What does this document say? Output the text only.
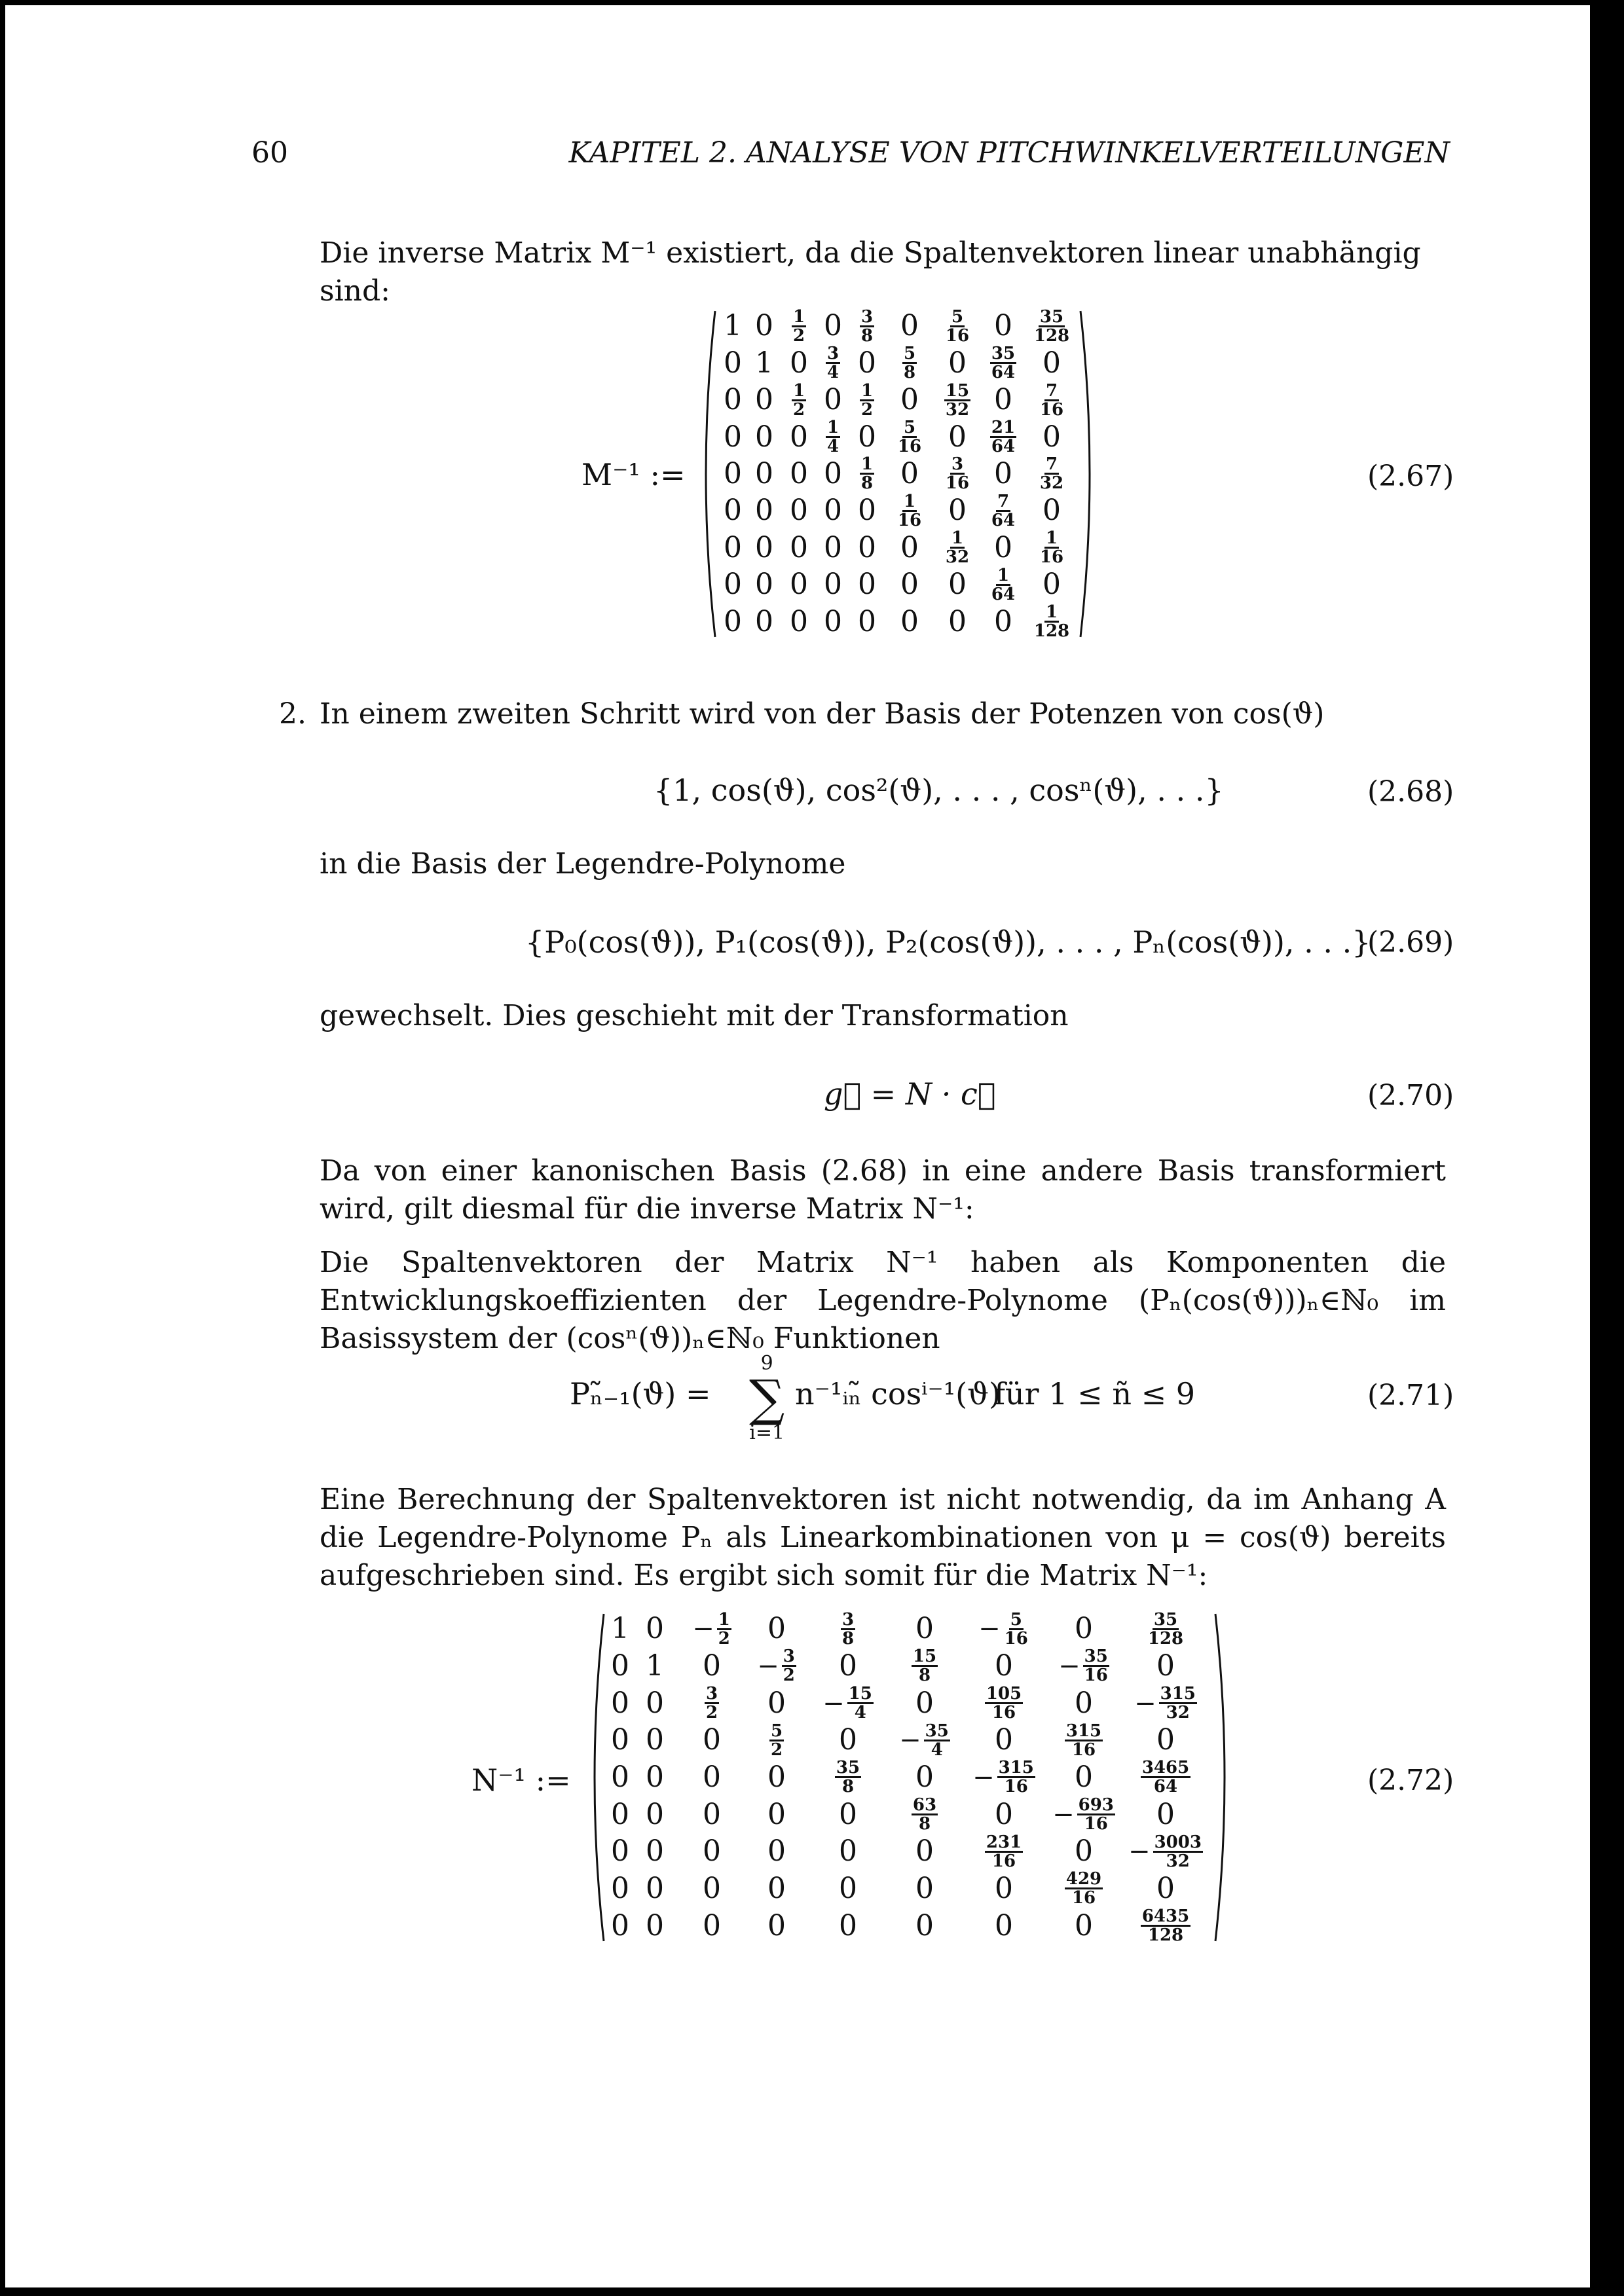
60	KAPITEL 2. ANALYSE VON PITCHWINKELVERTEILUNGEN
Die inverse Matrix M⁻¹ existiert, da die Spaltenvektoren linear unabhängig sind:
M⁻¹ :=
1	0	$\frac{1}{2}$	0	$\frac{3}{8}$	0	$\frac{5}{16}$	0	$\frac{35}{128}$

0	1	0	$\frac{3}{4}$	0	$\frac{5}{8}$	0	$\frac{35}{64}$	0
0	0	$\frac{1}{2}$	0	$\frac{1}{2}$	0	$\frac{15}{32}$	0	$\frac{7}{16}$

0	0	0	$\frac{1}{4}$	0	$\frac{5}{16}$	0	$\frac{21}{64}$	0
0	0	0	0	$\frac{1}{8}$	0	$\frac{3}{16}$	0	$\frac{7}{32}$

0	0	0	0	0	$\frac{1}{16}$	0	$\frac{7}{64}$	0
0	0	0	0	0	0	$\frac{1}{32}$	0	$\frac{1}{16}$

0	0	0	0	0	0	0	$\frac{1}{64}$	0
0	0	0	0	0	0	0	0	$\frac{1}{128}$
(2.67)
2. In einem zweiten Schritt wird von der Basis der Potenzen von cos(ϑ)
{1, cos(ϑ), cos²(ϑ), . . . , cosⁿ(ϑ), . . .}	(2.68)
in die Basis der Legendre-Polynome
{P₀(cos(ϑ)), P₁(cos(ϑ)), P₂(cos(ϑ)), . . . , Pₙ(cos(ϑ)), . . .}
(2.69)
gewechselt. Dies geschieht mit der Transformation
g⃗ = N · c⃗	(2.70)
Da von einer kanonischen Basis (2.68) in eine andere Basis transformiert wird, gilt diesmal für die inverse Matrix N⁻¹:
Die Spaltenvektoren der Matrix N⁻¹ haben als Komponenten die Entwicklungskoeffizienten der Legendre-Polynome (Pₙ(cos(ϑ)))ₙ∈ℕ₀ im Basissystem der (cosⁿ(ϑ))ₙ∈ℕ₀ Funktionen
Pₙ̃₋₁(ϑ) =
9
∑
i=1
n⁻¹ᵢₙ̃ cosⁱ⁻¹(ϑ)
für 1 ≤ ñ ≤ 9	(2.71)
Eine Berechnung der Spaltenvektoren ist nicht notwendig, da im Anhang A die Legendre-Polynome Pₙ als Linearkombinationen von μ = cos(ϑ) bereits aufgeschrieben sind. Es ergibt sich somit für die Matrix N⁻¹:
N⁻¹ :=
1	0	− $\frac{1}{2}$	0	$\frac{3}{8}$	0	− $\frac{5}{16}$	0	$\frac{35}{128}$

0	1	0	− $\frac{3}{2}$	0	$\frac{15}{8}$	0	− $\frac{35}{16}$	0
0	0	$\frac{3}{2}$	0	− $\frac{15}{4}$	0	$\frac{105}{16}$	0	− $\frac{315}{32}$

0	0	0	$\frac{5}{2}$	0	− $\frac{35}{4}$	0	$\frac{315}{16}$	0
0	0	0	0	$\frac{35}{8}$	0	− $\frac{315}{16}$	0	$\frac{3465}{64}$

0	0	0	0	0	$\frac{63}{8}$	0	− $\frac{693}{16}$	0
0	0	0	0	0	0	$\frac{231}{16}$	0	− $\frac{3003}{32}$

0	0	0	0	0	0	0	$\frac{429}{16}$	0
0	0	0	0	0	0	0	0	$\frac{6435}{128}$
(2.72)
